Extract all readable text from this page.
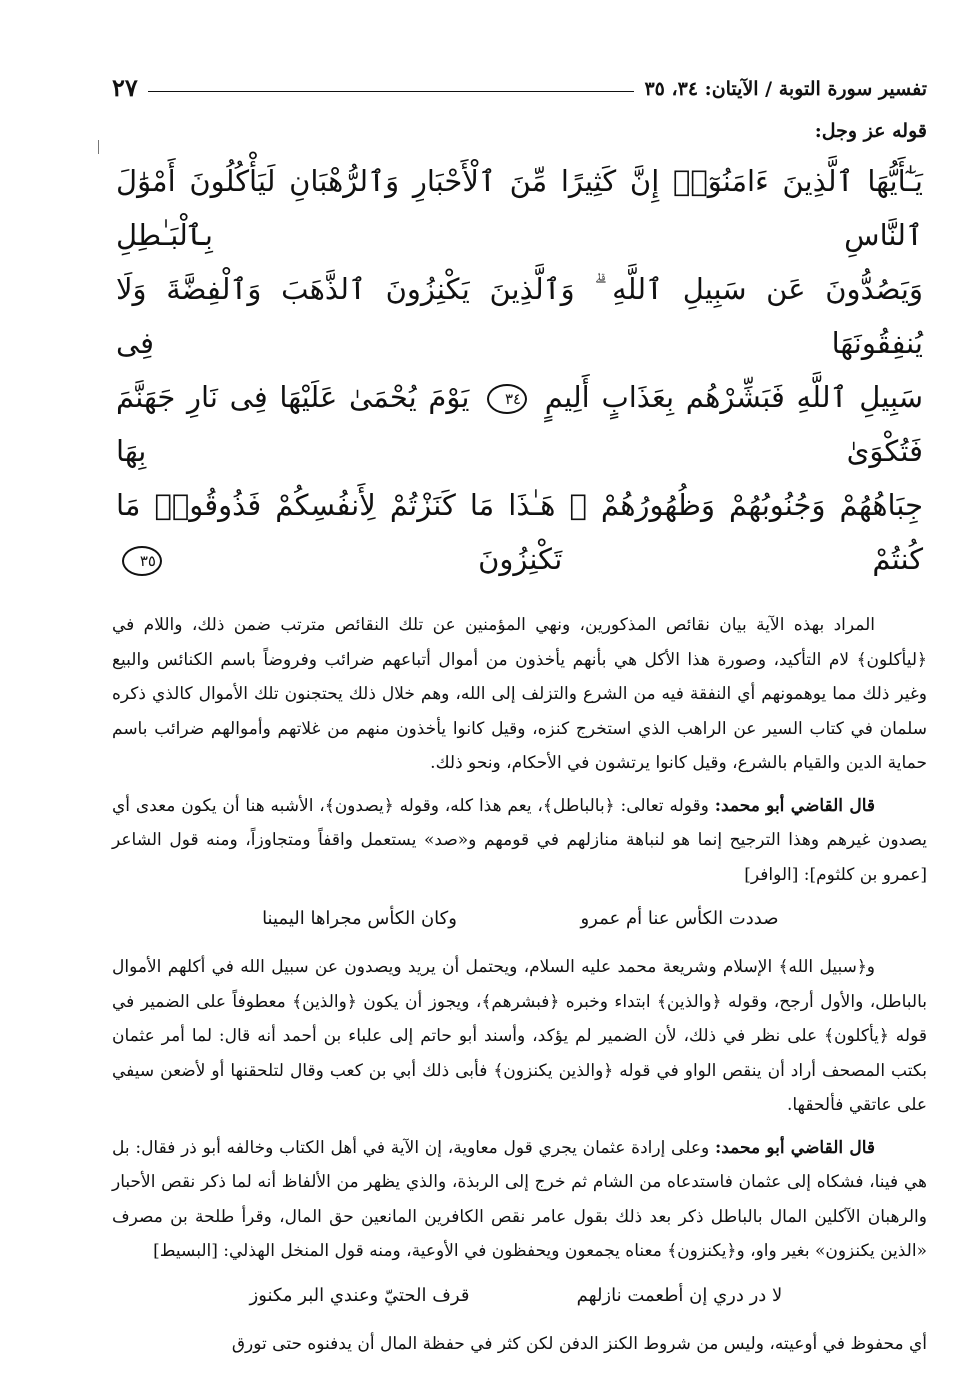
تفسير سورة التوبة / الآيتان: ٣٤، ٣٥
٢٧
قوله عز وجل:
يَـٰٓأَيُّهَا ٱلَّذِينَ ءَامَنُوٓا۟ إِنَّ كَثِيرًا مِّنَ ٱلْأَحْبَارِ وَٱلرُّهْبَانِ لَيَأْكُلُونَ أَمْوَٰلَ ٱلنَّاسِ بِٱلْبَـٰطِلِ
وَيَصُدُّونَ عَن سَبِيلِ ٱللَّهِ ۗ وَٱلَّذِينَ يَكْنِزُونَ ٱلذَّهَبَ وَٱلْفِضَّةَ وَلَا يُنفِقُونَهَا فِى
سَبِيلِ ٱللَّهِ فَبَشِّرْهُم بِعَذَابٍ أَلِيمٍ ٣٤ يَوْمَ يُحْمَىٰ عَلَيْهَا فِى نَارِ جَهَنَّمَ فَتُكْوَىٰ بِهَا
جِبَاهُهُمْ وَجُنُوبُهُمْ وَظُهُورُهُمْ ۖ هَـٰذَا مَا كَنَزْتُمْ لِأَنفُسِكُمْ فَذُوقُوا۟ مَا كُنتُمْ تَكْنِزُونَ ٣٥

المراد بهذه الآية بيان نقائص المذكورين، ونهي المؤمنين عن تلك النقائص مترتب ضمن ذلك، واللام في ﴿ليأكلون﴾ لام التأكيد، وصورة هذا الأكل هي بأنهم يأخذون من أموال أتباعهم ضرائب وفروضاً باسم الكنائس والبيع وغير ذلك مما يوهمونهم أي النفقة فيه من الشرع والتزلف إلى الله، وهم خلال ذلك يحتجنون تلك الأموال كالذي ذكره سلمان في كتاب السير عن الراهب الذي استخرج كنزه، وقيل كانوا يأخذون منهم من غلاتهم وأموالهم ضرائب باسم حماية الدين والقيام بالشرع، وقيل كانوا يرتشون في الأحكام، ونحو ذلك.

قال القاضي أبو محمد: وقوله تعالى: ﴿بالباطل﴾، يعم هذا كله، وقوله ﴿يصدون﴾، الأشبه هنا أن يكون معدى أي يصدون غيرهم وهذا الترجيح إنما هو لنباهة منازلهم في قومهم و«صد» يستعمل واقفاً ومتجاوزاً، ومنه قول الشاعر [عمرو بن كلثوم]: [الوافر]

صددت الكأس عنا أم عمرو
وكان الكأس مجراها اليمينا

و﴿سبيل الله﴾ الإسلام وشريعة محمد عليه السلام، ويحتمل أن يريد ويصدون عن سبيل الله في أكلهم الأموال بالباطل، والأول أرجح، وقوله ﴿والذين﴾ ابتداء وخبره ﴿فبشرهم﴾، ويجوز أن يكون ﴿والذين﴾ معطوفاً على الضمير في قوله ﴿يأكلون﴾ على نظر في ذلك، لأن الضمير لم يؤكد، وأسند أبو حاتم إلى علباء بن أحمد أنه قال: لما أمر عثمان بكتب المصحف أراد أن ينقص الواو في قوله ﴿والذين يكنزون﴾ فأبى ذلك أبي بن كعب وقال لتلحقنها أو لأضعن سيفي على عاتقي فألحقها.

قال القاضي أبو محمد: وعلى إرادة عثمان يجري قول معاوية، إن الآية في أهل الكتاب وخالفه أبو ذر فقال: بل هي فينا، فشكاه إلى عثمان فاستدعاه من الشام ثم خرج إلى الربذة، والذي يظهر من الألفاظ أنه لما ذكر نقص الأحبار والرهبان الآكلين المال بالباطل ذكر بعد ذلك بقول عامر نقص الكافرين المانعين حق المال، وقرأ طلحة بن مصرف «الذين يكنزون» بغير واو، و﴿يكنزون﴾ معناه يجمعون ويحفظون في الأوعية، ومنه قول المنخل الهذلي: [البسيط]

لا در دري إن أطعمت نازلهم
قرف الحتيّ وعندي البر مكنوز

أي محفوظ في أوعيته، وليس من شروط الكنز الدفن لكن كثر في حفظة المال أن يدفنوه حتى تورق
